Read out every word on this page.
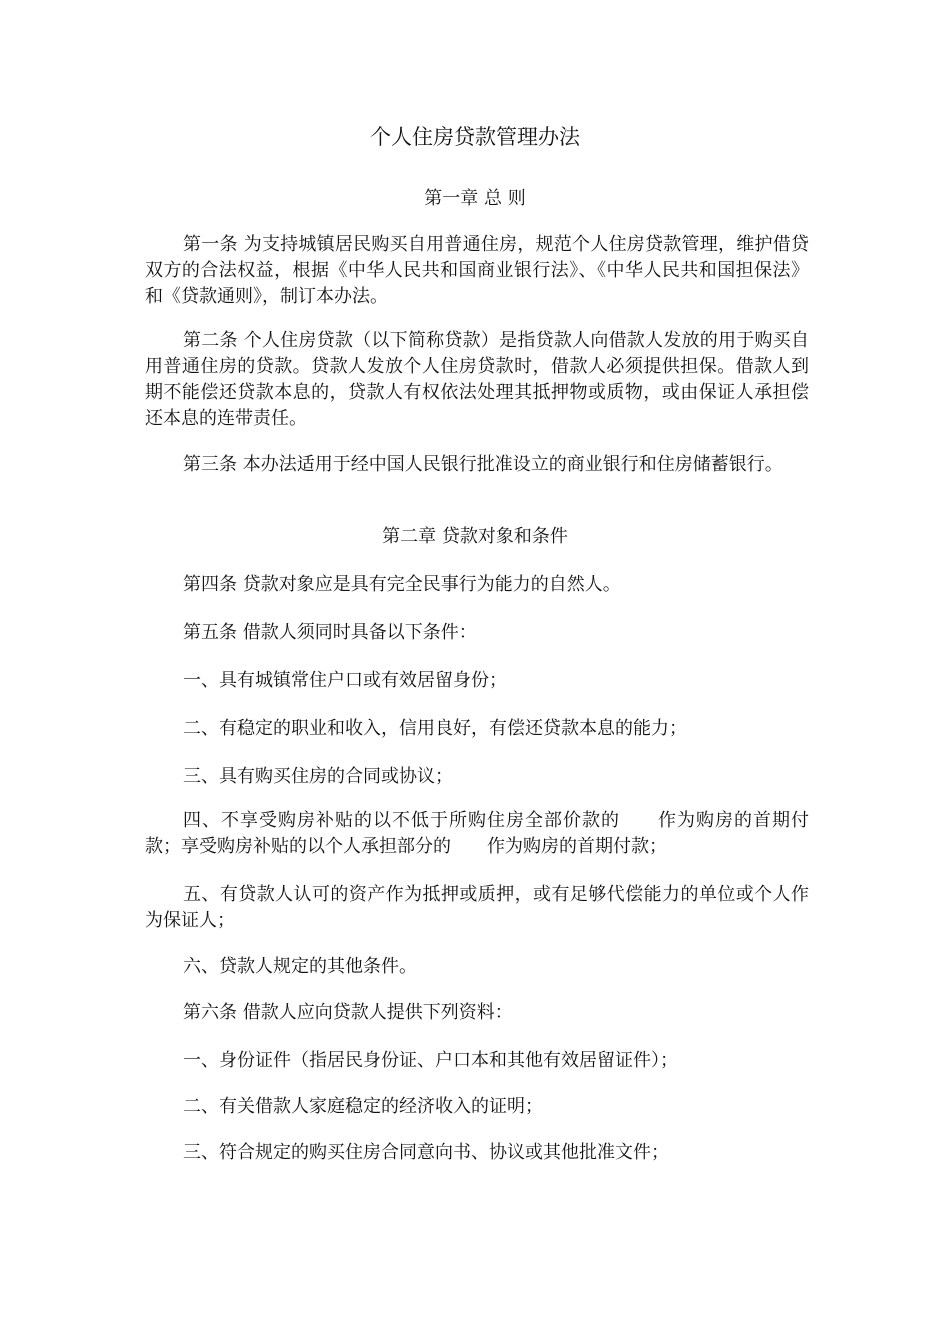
个人住房贷款管理办法
第一章 总 则

第一条 为支持城镇居民购买自用普通住房，规范个人住房贷款管理，维护借贷双方的合法权益，根据《中华人民共和国商业银行法》、《中华人民共和国担保法》和《贷款通则》，制订本办法。

第二条 个人住房贷款（以下简称贷款）是指贷款人向借款人发放的用于购买自用普通住房的贷款。贷款人发放个人住房贷款时，借款人必须提供担保。借款人到期不能偿还贷款本息的，贷款人有权依法处理其抵押物或质物，或由保证人承担偿还本息的连带责任。

第三条 本办法适用于经中国人民银行批准设立的商业银行和住房储蓄银行。

第二章 贷款对象和条件

第四条 贷款对象应是具有完全民事行为能力的自然人。

第五条 借款人须同时具备以下条件：

一、具有城镇常住户口或有效居留身份；

二、有稳定的职业和收入，信用良好，有偿还贷款本息的能力；

三、具有购买住房的合同或协议；

四、不享受购房补贴的以不低于所购住房全部价款的　　作为购房的首期付款；享受购房补贴的以个人承担部分的　　作为购房的首期付款；

五、有贷款人认可的资产作为抵押或质押，或有足够代偿能力的单位或个人作为保证人；

六、贷款人规定的其他条件。

第六条 借款人应向贷款人提供下列资料：

一、身份证件（指居民身份证、户口本和其他有效居留证件）；

二、有关借款人家庭稳定的经济收入的证明；

三、符合规定的购买住房合同意向书、协议或其他批准文件；
